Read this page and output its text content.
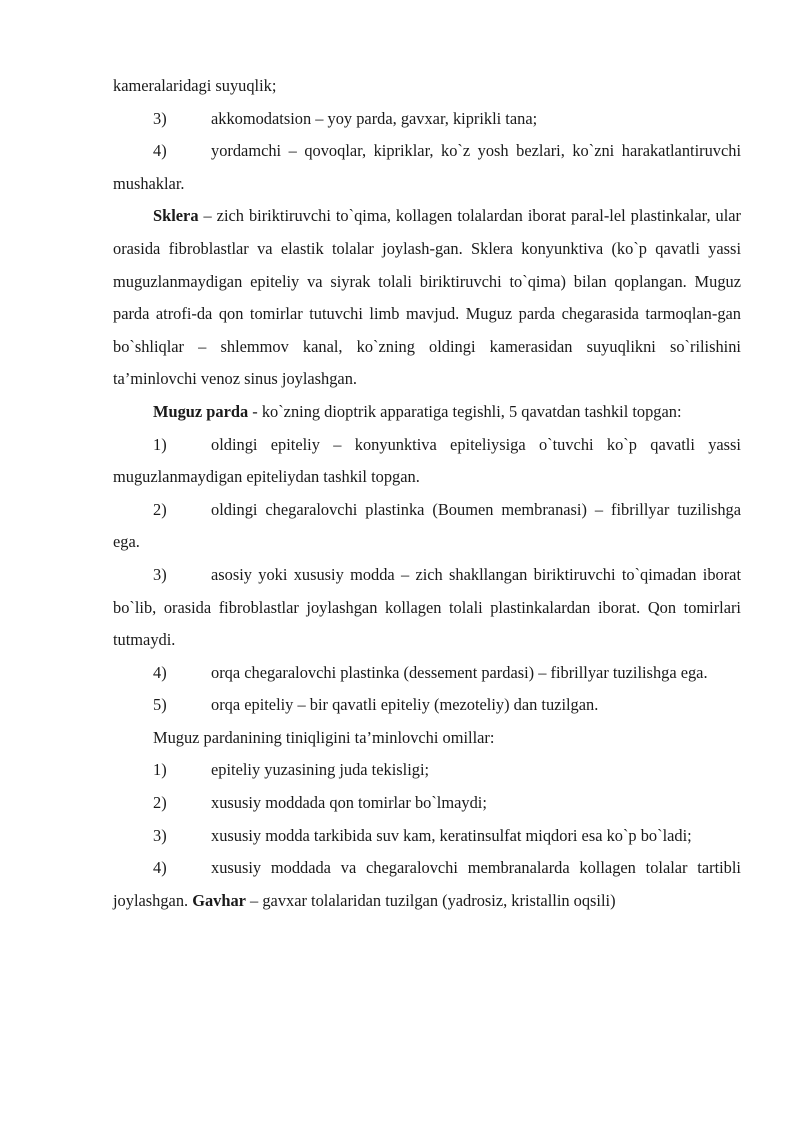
kameralaridagi suyuqlik;

3)	akkomodatsion – yoy parda, gavxar, kiprikli tana;

4)	yordamchi – qovoqlar, kipriklar, ko`z yosh bezlari, ko`zni harakatlantiruvchi mushaklar.

Sklera – zich biriktiruvchi to`qima, kollagen tolalardan iborat paral-lel plastinkalar, ular orasida fibroblastlar va elastik tolalar joylash-gan. Sklera konyunktiva (ko`p qavatli yassi muguzlanmaydigan epiteliy va siyrak tolali biriktiruvchi to`qima) bilan qoplangan. Muguz parda atrofi-da qon tomirlar tutuvchi limb mavjud. Muguz parda chegarasida tarmoqlan-gan bo`shliqlar – shlemmov kanal, ko`zning oldingi kamerasidan suyuqlikni so`rilishini ta’minlovchi venoz sinus joylashgan.

Muguz parda - ko`zning dioptrik apparatiga tegishli, 5 qavatdan tashkil topgan:

1)	oldingi epiteliy – konyunktiva epiteliysiga o`tuvchi ko`p qavatli yassi muguzlanmaydigan epiteliydan tashkil topgan.

2)	oldingi chegaralovchi plastinka (Boumen membranasi) – fibrillyar tuzilishga ega.

3)	asosiy yoki xususiy modda – zich shakllangan biriktiruvchi to`qimadan iborat bo`lib, orasida fibroblastlar joylashgan kollagen tolali plastinkalardan iborat. Qon tomirlari tutmaydi.

4)	orqa chegaralovchi plastinka (dessement pardasi) – fibrillyar tuzilishga ega.

5)	orqa epiteliy – bir qavatli epiteliy (mezoteliy) dan tuzilgan.

Muguz pardanining tiniqligini ta’minlovchi omillar:

1)	epiteliy yuzasining juda tekisligi;
2)	xususiy moddada qon tomirlar bo`lmaydi;

3)	xususiy modda tarkibida suv kam, keratinsulfat miqdori esa ko`p bo`ladi;

4)	xususiy moddada va chegaralovchi membranalarda kollagen tolalar tartibli joylashgan. Gavhar – gavxar tolalaridan tuzilgan (yadrosiz, kristallin oqsili)
